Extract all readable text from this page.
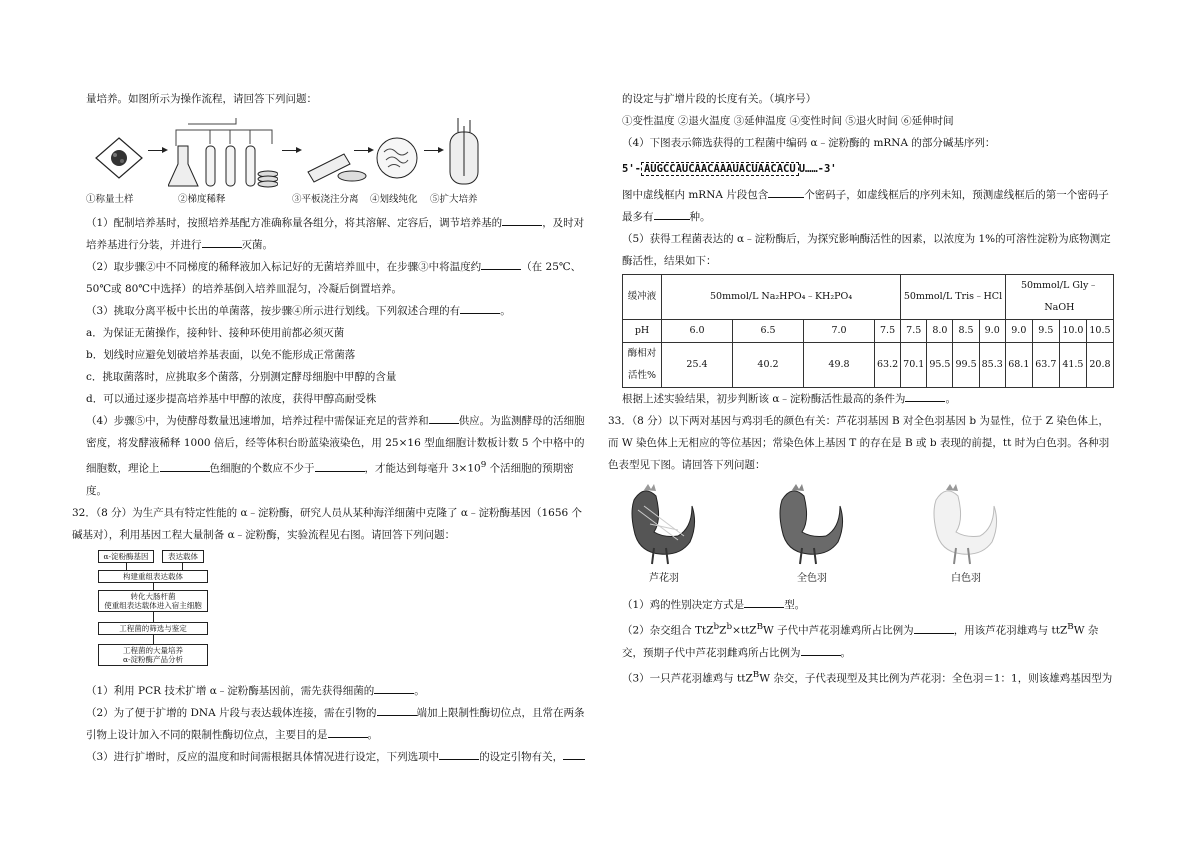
量培养。如图所示为操作流程，请回答下列问题：

①称量土样	②梯度稀释	③平板浇注分离 ④划线纯化 ⑤扩大培养

（1）配制培养基时，按照培养基配方准确称量各组分，将其溶解、定容后，调节培养基的	，及时对培养基进行分装，并进行	灭菌。

（2）取步骤②中不同梯度的稀释液加入标记好的无菌培养皿中，在步骤③中将温度约	（在 25℃、50℃或 80℃中选择）的培养基倒入培养皿混匀，冷凝后倒置培养。

（3）挑取分离平板中长出的单菌落，按步骤④所示进行划线。下列叙述合理的有	。

a．为保证无菌操作，接种针、接种环使用前都必须灭菌

b．划线时应避免划破培养基表面，以免不能形成正常菌落

c．挑取菌落时，应挑取多个菌落，分别测定酵母细胞中甲醇的含量

d．可以通过逐步提高培养基中甲醇的浓度，获得甲醇高耐受株

（4）步骤⑤中，为使酵母数量迅速增加，培养过程中需保证充足的营养和	供应。为监测酵母的活细胞密度，将发酵液稀释 1000 倍后，经等体积台盼蓝染液染色，用 25×16 型血细胞计数板计数 5 个中格中的细胞数，理论上	色细胞的个数应不少于	，才能达到每毫升 $3\times 10^9$ 个活细胞的预期密度。

32．（8 分）为生产具有特定性能的 α﹣淀粉酶，研究人员从某种海洋细菌中克隆了 α﹣淀粉酶基因（1656 个碱基对），利用基因工程大量制备 α﹣淀粉酶，实验流程见右图。请回答下列问题：

α-淀粉酶基因	表达载体
构建重组表达载体
转化大肠杆菌
使重组表达载体进入宿主细胞
工程菌的筛选与鉴定
工程菌的大量培养
α-淀粉酶产品分析

（1）利用 PCR 技术扩增 α﹣淀粉酶基因前，需先获得细菌的	。

（2）为了便于扩增的 DNA 片段与表达载体连接，需在引物的	端加上限制性酶切位点，且常在两条引物上设计加入不同的限制性酶切位点，主要目的是	。

（3）进行扩增时，反应的温度和时间需根据具体情况进行设定，下列选项中	的设定引物有关，

的设定与扩增片段的长度有关。（填序号）

①变性温度 ②退火温度 ③延伸温度 ④变性时间 ⑤退火时间 ⑥延伸时间

（4）下图表示筛选获得的工程菌中编码 α﹣淀粉酶的 mRNA 的部分碱基序列：

5'- AUGCCAUCAACAAAUACUAACACU U……-3'

图中虚线框内 mRNA 片段包含	个密码子，如虚线框后的序列未知，预测虚线框后的第一个密码子最多有	种。

（5）获得工程菌表达的 α﹣淀粉酶后，为探究影响酶活性的因素，以浓度为 1%的可溶性淀粉为底物测定酶活性，结果如下：

缓冲液	50mmol/L Na₂HPO₄﹣KH₂PO₄				50mmol/L Tris﹣HCl				50mmol/L Gly﹣NaOH			
pH	6.0	6.5	7.0	7.5	7.5	8.0	8.5	9.0	9.0	9.5	10.0	10.5
酶相对活性%	25.4	40.2	49.8	63.2	70.1	95.5	99.5	85.3	68.1	63.7	41.5	20.8

根据上述实验结果，初步判断该 α﹣淀粉酶活性最高的条件为	。

33．（8 分）以下两对基因与鸡羽毛的颜色有关：芦花羽基因 B 对全色羽基因 b 为显性，位于 Z 染色体上，而 W 染色体上无相应的等位基因；常染色体上基因 T 的存在是 B 或 b 表现的前提，tt 时为白色羽。各种羽色表型见下图。请回答下列问题：

芦花羽	全色羽	白色羽

（1）鸡的性别决定方式是	型。

（2）杂交组合 $TtZ^bZ^b\times ttZ^BW$ 子代中芦花羽雄鸡所占比例为	，用该芦花羽雄鸡与 ttZ$^B$W 杂交，预期子代中芦花羽雌鸡所占比例为	。

（3）一只芦花羽雄鸡与 ttZ$^B$W 杂交，子代表现型及其比例为芦花羽：全色羽＝1：1，则该雄鸡基因型为
